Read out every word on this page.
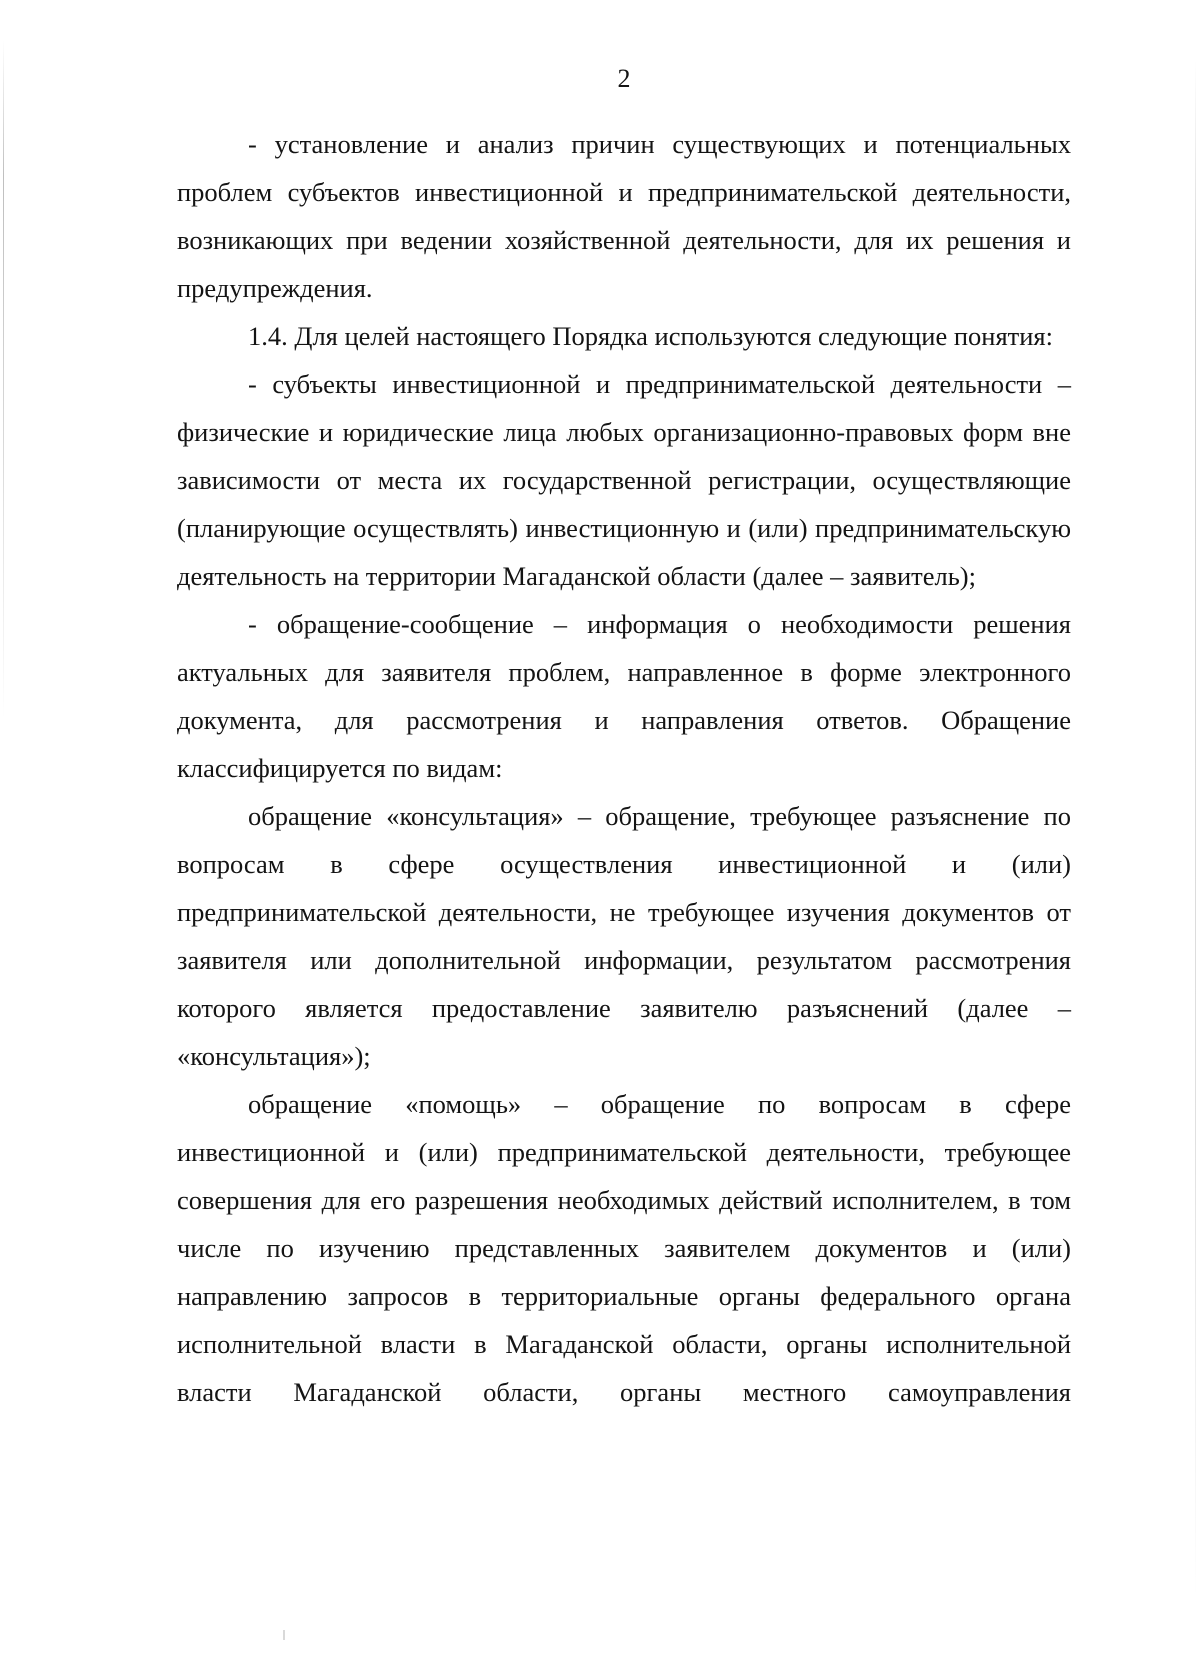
2

- установление и анализ причин существующих и потенциальных проблем субъектов инвестиционной и предпринимательской деятельности, возникающих при ведении хозяйственной деятельности, для их решения и предупреждения.

1.4. Для целей настоящего Порядка используются следующие понятия:

- субъекты инвестиционной и предпринимательской деятельности – физические и юридические лица любых организационно-правовых форм вне зависимости от места их государственной регистрации, осуществляющие (планирующие осуществлять) инвестиционную и (или) предпринимательскую деятельность на территории Магаданской области (далее – заявитель);

- обращение-сообщение – информация о необходимости решения актуальных для заявителя проблем, направленное в форме электронного документа, для рассмотрения и направления ответов. Обращение классифицируется по видам:

обращение «консультация» – обращение, требующее разъяснение по вопросам в сфере осуществления инвестиционной и (или) предпринимательской деятельности, не требующее изучения документов от заявителя или дополнительной информации, результатом рассмотрения которого является предоставление заявителю разъяснений (далее – «консультация»);

обращение «помощь» – обращение по вопросам в сфере инвестиционной и (или) предпринимательской деятельности, требующее совершения для его разрешения необходимых действий исполнителем, в том числе по изучению представленных заявителем документов и (или) направлению запросов в территориальные органы федерального органа исполнительной власти в Магаданской области, органы исполнительной власти Магаданской области, органы местного самоуправления
